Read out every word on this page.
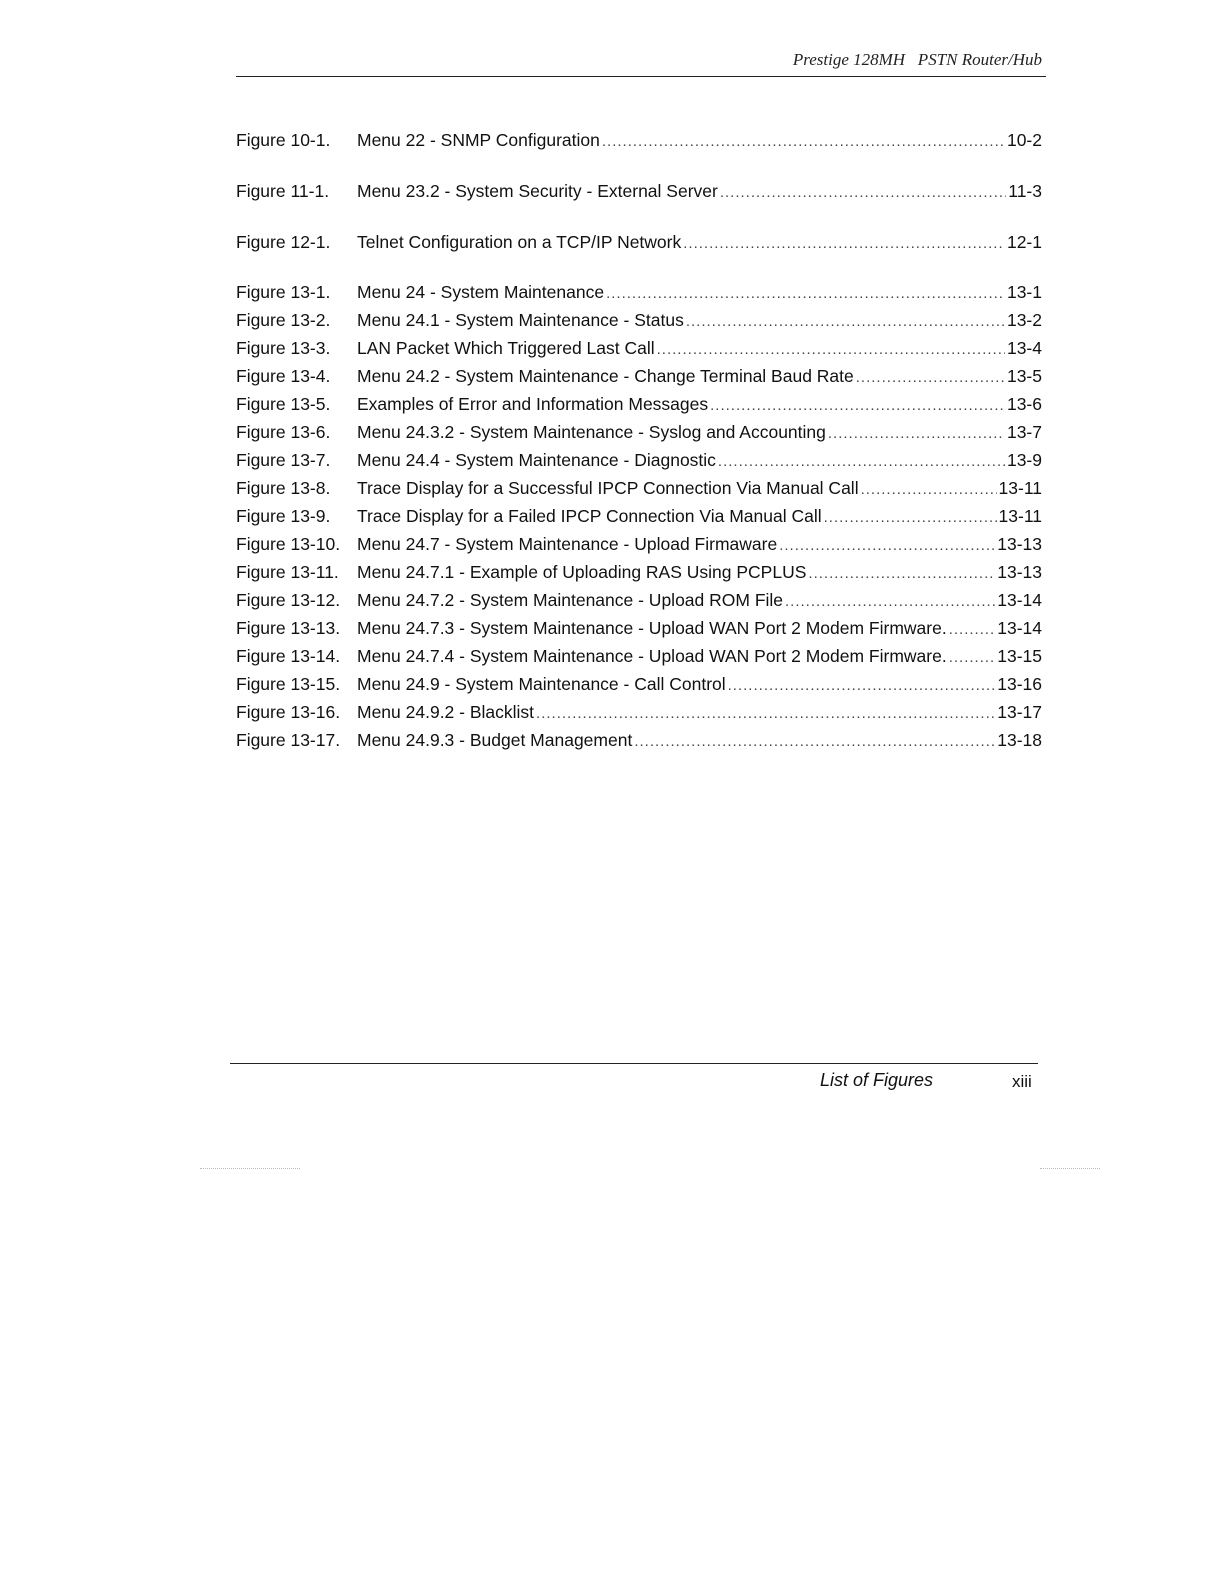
Prestige 128MH   PSTN Router/Hub
Figure 10-1.	Menu 22 - SNMP Configuration .....	10-2
Figure 11-1.	Menu 23.2 - System Security - External Server .....	11-3
Figure 12-1.	Telnet Configuration on a TCP/IP Network .....	12-1
Figure 13-1.	Menu 24 - System Maintenance .....	13-1
Figure 13-2.	Menu 24.1 - System Maintenance - Status .....	13-2
Figure 13-3.	LAN Packet Which Triggered Last Call .....	13-4
Figure 13-4.	Menu 24.2 - System Maintenance - Change Terminal Baud Rate .....	13-5
Figure 13-5.	Examples of Error and Information Messages .....	13-6
Figure 13-6.	Menu 24.3.2 - System Maintenance - Syslog and Accounting .....	13-7
Figure 13-7.	Menu 24.4 - System Maintenance - Diagnostic .....	13-9
Figure 13-8.	Trace Display for a Successful IPCP Connection Via Manual Call .....	13-11
Figure 13-9.	Trace Display for a Failed IPCP Connection Via Manual Call .....	13-11
Figure 13-10. Menu 24.7 - System Maintenance - Upload Firmaware .....	13-13
Figure 13-11.	Menu 24.7.1 - Example of Uploading RAS Using PCPLUS .....	13-13
Figure 13-12. Menu 24.7.2 - System Maintenance - Upload ROM File .....	13-14
Figure 13-13. Menu 24.7.3 - System Maintenance - Upload WAN Port 2 Modem Firmware. .....	13-14
Figure 13-14. Menu 24.7.4 - System Maintenance - Upload WAN Port 2 Modem Firmware. .....	13-15
Figure 13-15. Menu 24.9 - System Maintenance - Call Control .....	13-16
Figure 13-16. Menu 24.9.2 - Blacklist .....	13-17
Figure 13-17. Menu 24.9.3 - Budget Management .....	13-18
List of Figures	xiii
